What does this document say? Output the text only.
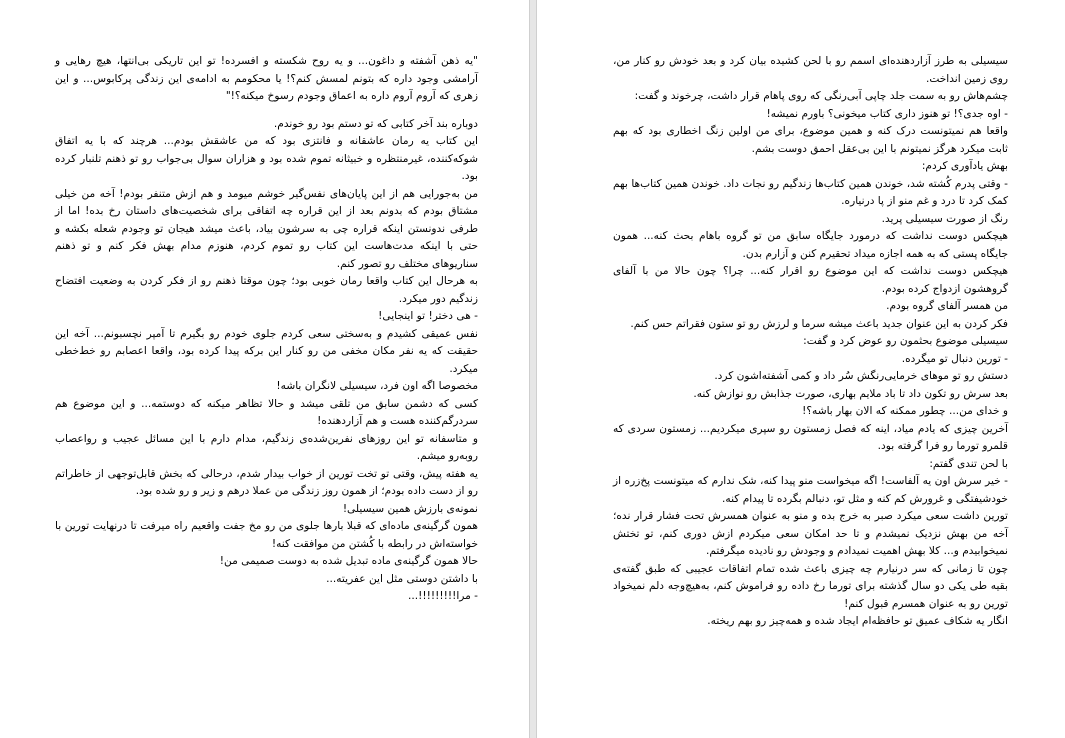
"یه ذهن آشفته و داغون... و یه روح شکسته و افسرده! تو این تاریکی بی‌انتها، هیچ رهایی و آرامشی وجود داره که بتونم لمسش کنم؟! یا محکومم به ادامه‌ی این زندگی پرکابوس... و این زهری که آروم آروم داره به اعماق وجودم رسوخ میکنه؟!"

دوباره بند آخر کتابی که تو دستم بود رو خوندم.

این کتاب یه رمان عاشقانه و فانتزی بود که من عاشقش بودم... هرچند که با یه اتفاق شوکه‌کننده، غیرمنتظره و خبیثانه تموم شده بود و هزاران سوال بی‌جواب رو تو ذهنم تلنبار کرده بود.

من به‌جورایی هم از این پایان‌های نفس‌گیر خوشم میومد و هم ازش متنفر بودم! آخه من خیلی مشتاق بودم که بدونم بعد از این قراره چه اتفاقی برای شخصیت‌های داستان رخ بده! اما از طرفی ندونستن اینکه قراره چی به سرشون بیاد، باعث میشد هیجان تو وجودم شعله بکشه و حتی با اینکه مدت‌هاست این کتاب رو تموم کردم، هنوزم مدام بهش فکر کنم و تو ذهنم سناریوهای مختلف رو تصور کنم.

به هرحال این کتاب واقعا رمان خوبی بود؛ چون موقتا ذهنم رو از فکر کردن به وضعیت افتضاح زندگیم دور میکرد.

- هی دختر! تو اینجایی!

نفس عمیقی کشیدم و به‌سختی سعی کردم جلوی خودم رو بگیرم تا آمپر نچسبونم... آخه این حقیقت که یه نفر مکان مخفی من رو کنار این برکه پیدا کرده بود، واقعا اعصابم رو خط‌خطی میکرد.

مخصوصا اگه اون فرد، سیسیلی لانگران باشه!

کسی که دشمن سابق من تلقی میشد و حالا تظاهر میکنه که دوستمه... و این موضوع هم سردرگم‌کننده هست و هم آزاردهنده!

و متاسفانه تو این روزهای نفرین‌شده‌ی زندگیم، مدام دارم با این مسائل عجیب و رواعصاب روبه‌رو میشم.

یه هفته پیش، وقتی تو تخت تورین از خواب بیدار شدم، درحالی که بخش قابل‌توجهی از خاطراتم رو از دست داده بودم؛ از همون روز زندگی من عملا درهم و زیر و رو شده بود.

نمونه‌ی بارزش همین سیسیلی!

همون گرگینه‌ی ماده‌ای که قبلا بارها جلوی من رو مخ جفت واقعیم راه میرفت تا درنهایت تورین با خواسته‌اش در رابطه با کُشتن من موافقت کنه!

حالا همون گرگینه‌ی ماده تبدیل شده به دوست صمیمی من!

با داشتن دوستی مثل این عفریته...

- مرا!!!!!!!!!...

سیسیلی به طرز آزاردهنده‌ای اسمم رو با لحن کشیده بیان کرد و بعد خودش رو کنار من، روی زمین انداخت.

چشم‌هاش رو به سمت جلد چاپی آبی‌رنگی که روی پاهام قرار داشت، چرخوند و گفت:

- اوه جدی؟! تو هنوز داری کتاب میخونی؟ باورم نمیشه!

واقعا هم نمیتونست درک کنه و همین موضوع، برای من اولین زنگ اخطاری بود که بهم ثابت میکرد هرگز نمیتونم با این بی‌عقل احمق دوست بشم.

بهش یادآوری کردم:

- وقتی پدرم کُشته شد، خوندن همین کتاب‌ها زندگیم رو نجات داد. خوندن همین کتاب‌ها بهم کمک کرد تا درد و غم منو از پا درنیاره.

رنگ از صورت سیسیلی پرید.

هیچکس دوست نداشت که درمورد جایگاه سابق من تو گروه باهام بحث کنه... همون جایگاه پستی که به همه اجازه میداد تحقیرم کنن و آزارم بدن.

هیچکس دوست نداشت که این موضوع رو اقرار کنه... چرا؟ چون حالا من با آلفای گروهشون ازدواج کرده بودم.

من همسر آلفای گروه بودم.

فکر کردن به این عنوان جدید باعث میشه سرما و لرزش رو تو ستون فقراتم حس کنم.

سیسیلی موضوع بحثمون رو عوض کرد و گفت:

- تورین دنبال تو میگرده.

دستش رو تو موهای خرمایی‌رنگش سُر داد و کمی آشفته‌اشون کرد.

بعد سرش رو تکون داد تا باد ملایم بهاری، صورت جذابش رو نوازش کنه.

و خدای من... چطور ممکنه که الان بهار باشه؟!

آخرین چیزی که یادم میاد، اینه که فصل زمستون رو سپری میکردیم... زمستون سردی که قلمرو تورما رو فرا گرفته بود.

با لحن تندی گفتم:

- خیر سرش اون یه آلفاست! اگه میخواست منو پیدا کنه، شک ندارم که میتونست پخ‌زره از خودشیفتگی و غرورش کم کنه و مثل تو، دنبالم بگرده تا پیدام کنه.

تورین داشت سعی میکرد صبر به خرج بده و منو به عنوان همسرش تحت فشار قرار نده؛ آخه من بهش نزدیک نمیشدم و تا حد امکان سعی میکردم ازش دوری کنم، تو تختش نمیخوابیدم و... کلا بهش اهمیت نمیدادم و وجودش رو نادیده میگرفتم.

چون تا زمانی که سر درنیارم چه چیزی باعث شده تمام اتفاقات عجیبی که طبق گفته‌ی بقیه طی یکی دو سال گذشته برای تورما رخ داده رو فراموش کنم، به‌هیچ‌وجه دلم نمیخواد تورین رو به عنوان همسرم قبول کنم!

انگار یه شکاف عمیق تو حافظه‌ام ایجاد شده و همه‌چیز رو بهم ریخته.
